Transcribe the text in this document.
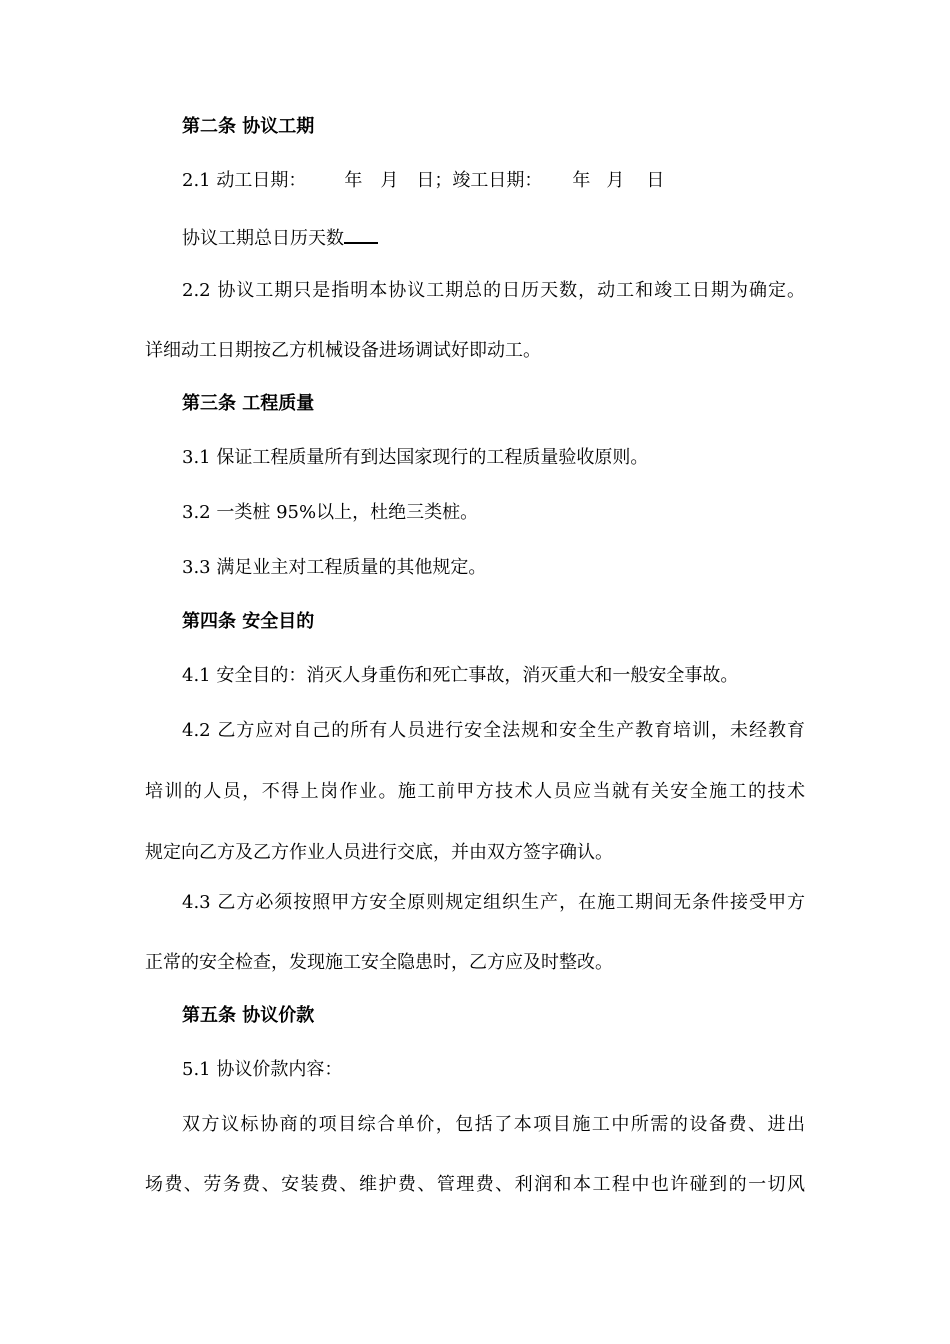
第二条 协议工期
2.1 动工日期： 年 月 日；竣工日期： 年 月 日
协议工期总日历天数
2.2 协议工期只是指明本协议工期总的日历天数，动工和竣工日期为确定。
详细动工日期按乙方机械设备进场调试好即动工。
第三条 工程质量
3.1 保证工程质量所有到达国家现行的工程质量验收原则。
3.2 一类桩 95%以上，杜绝三类桩。
3.3 满足业主对工程质量的其他规定。
第四条 安全目的
4.1 安全目的：消灭人身重伤和死亡事故，消灭重大和一般安全事故。
4.2 乙方应对自己的所有人员进行安全法规和安全生产教育培训，未经教育
培训的人员，不得上岗作业。施工前甲方技术人员应当就有关安全施工的技术
规定向乙方及乙方作业人员进行交底，并由双方签字确认。
4.3 乙方必须按照甲方安全原则规定组织生产，在施工期间无条件接受甲方
正常的安全检查，发现施工安全隐患时，乙方应及时整改。
第五条 协议价款
5.1 协议价款内容：
双方议标协商的项目综合单价，包括了本项目施工中所需的设备费、进出
场费、劳务费、安装费、维护费、管理费、利润和本工程中也许碰到的一切风
